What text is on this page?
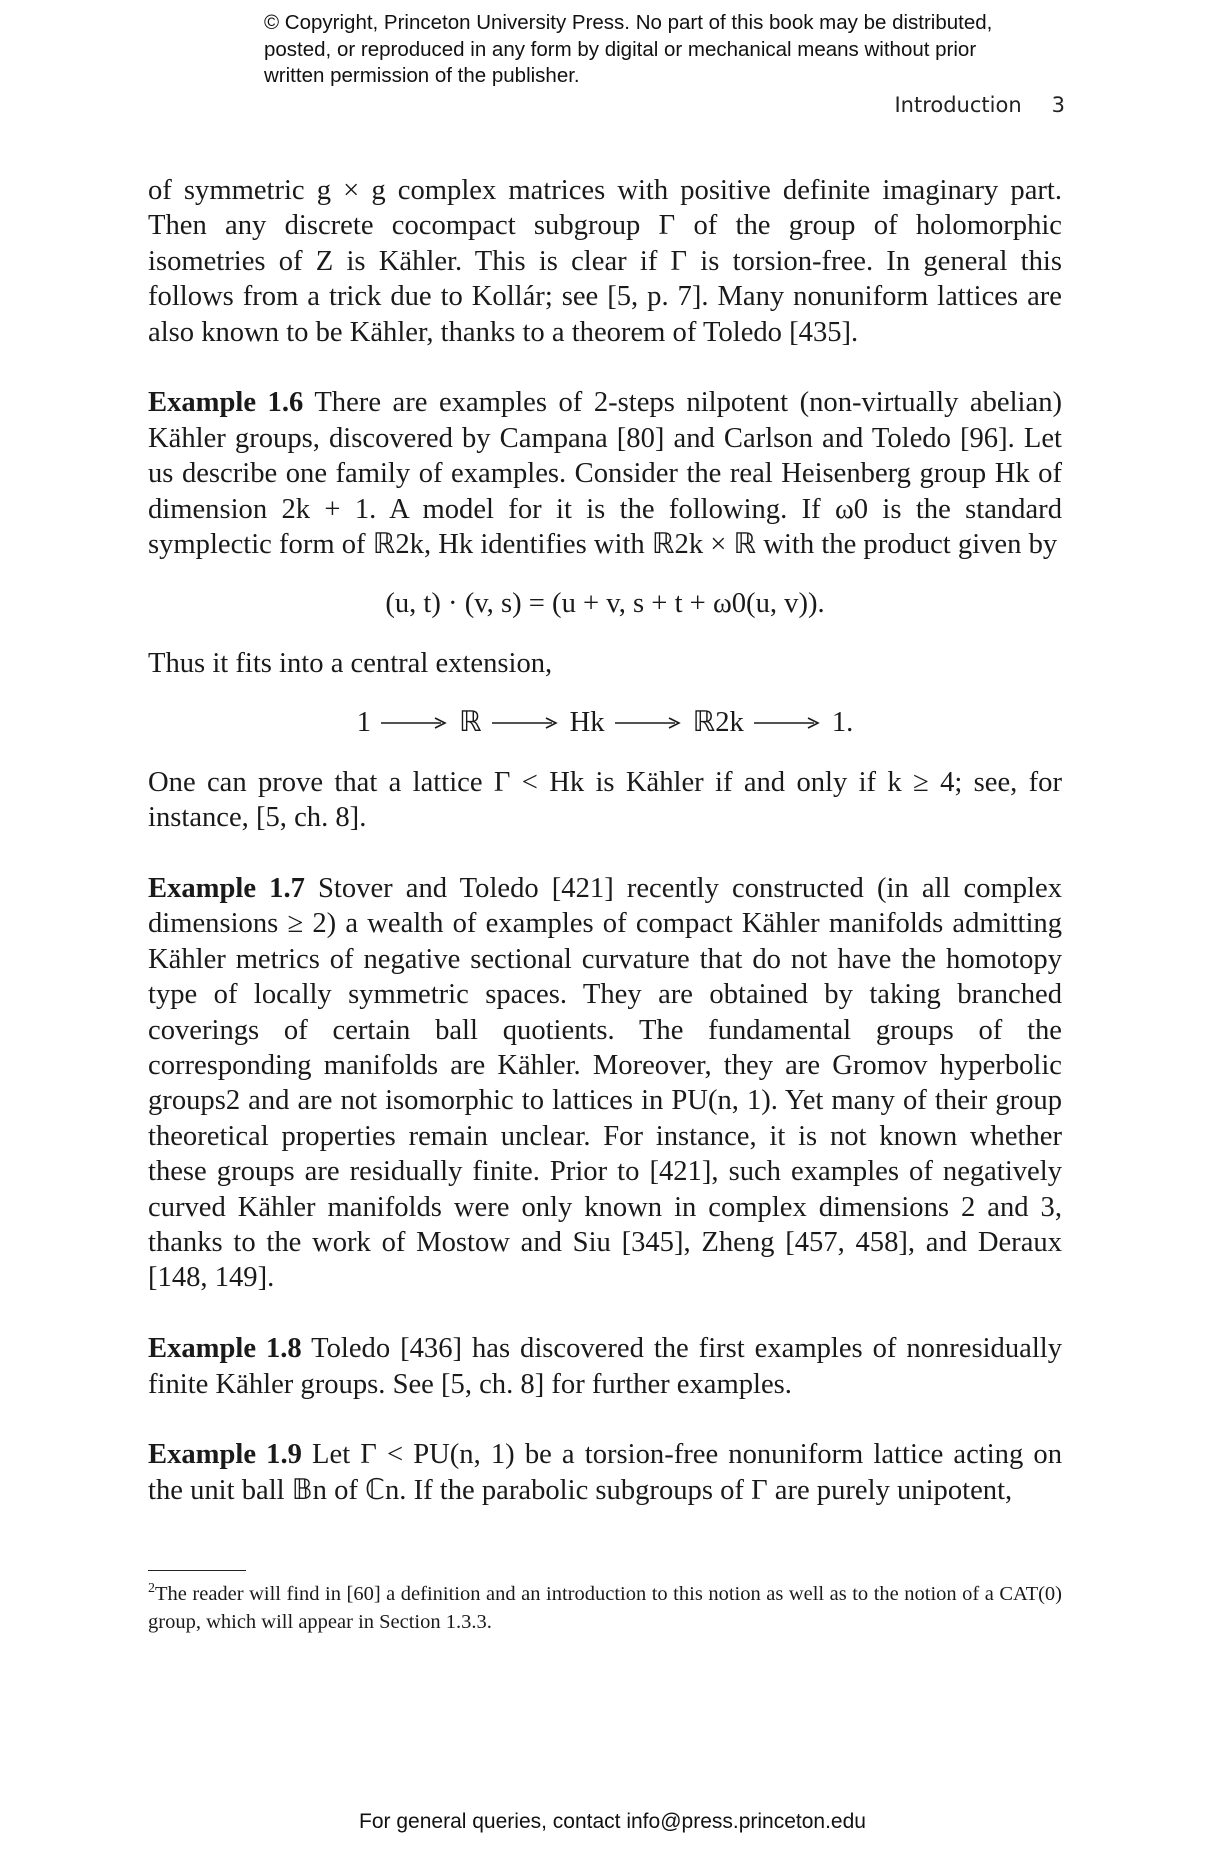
© Copyright, Princeton University Press. No part of this book may be distributed, posted, or reproduced in any form by digital or mechanical means without prior written permission of the publisher.
Introduction 3

of symmetric g × g complex matrices with positive definite imaginary part. Then any discrete cocompact subgroup Γ of the group of holomorphic isometries of Z is Kähler. This is clear if Γ is torsion-free. In general this follows from a trick due to Kollár; see [5, p. 7]. Many nonuniform lattices are also known to be Kähler, thanks to a theorem of Toledo [435].

Example 1.6 There are examples of 2-steps nilpotent (non-virtually abelian) Kähler groups, discovered by Campana [80] and Carlson and Toledo [96]. Let us describe one family of examples. Consider the real Heisenberg group Hk of dimension 2k + 1. A model for it is the following. If ω0 is the standard symplectic form of ℝ2k, Hk identifies with ℝ2k × ℝ with the product given by

(u, t) · (v, s) = (u + v, s + t + ω0(u, v)).

Thus it fits into a central extension,

1	ℝ	Hk	ℝ2k	1.

One can prove that a lattice Γ < Hk is Kähler if and only if k ≥ 4; see, for instance, [5, ch. 8].

Example 1.7 Stover and Toledo [421] recently constructed (in all complex dimensions ≥ 2) a wealth of examples of compact Kähler manifolds admitting Kähler metrics of negative sectional curvature that do not have the homotopy type of locally symmetric spaces. They are obtained by taking branched coverings of certain ball quotients. The fundamental groups of the corresponding manifolds are Kähler. Moreover, they are Gromov hyperbolic groups2 and are not isomorphic to lattices in PU(n, 1). Yet many of their group theoretical properties remain unclear. For instance, it is not known whether these groups are residually finite. Prior to [421], such examples of negatively curved Kähler manifolds were only known in complex dimensions 2 and 3, thanks to the work of Mostow and Siu [345], Zheng [457, 458], and Deraux [148, 149].

Example 1.8 Toledo [436] has discovered the first examples of nonresidually finite Kähler groups. See [5, ch. 8] for further examples.

Example 1.9 Let Γ < PU(n, 1) be a torsion-free nonuniform lattice acting on the unit ball 𝔹n of ℂn. If the parabolic subgroups of Γ are purely unipotent,

$^2$The reader will find in [60] a definition and an introduction to this notion as well as to the notion of a CAT(0) group, which will appear in Section 1.3.3.
For general queries, contact info@press.princeton.edu
